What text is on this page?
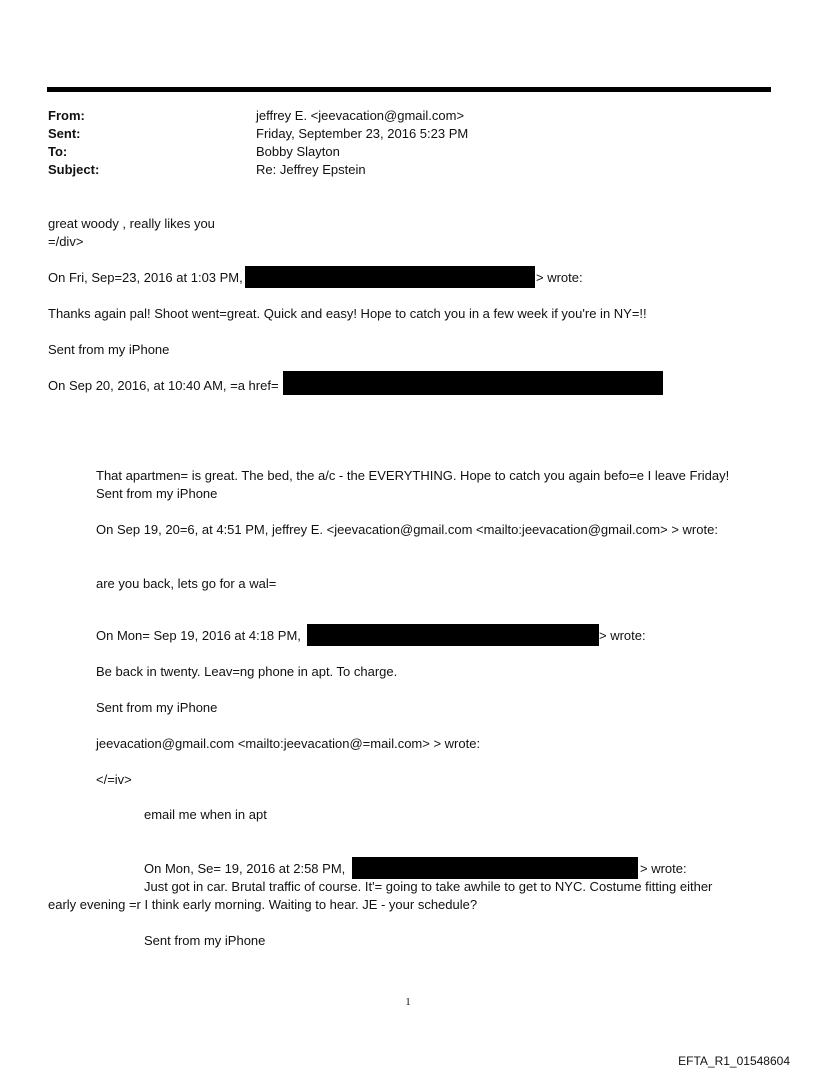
From:	jeffrey E. <jeevacation@gmail.com>
Sent:	Friday, September 23, 2016 5:23 PM
To:	Bobby Slayton
Subject:	Re: Jeffrey Epstein
great woody , really likes you
=/div>
On Fri, Sep=23, 2016 at 1:03 PM,	> wrote:
Thanks again pal! Shoot went=great. Quick and easy! Hope to catch you in a few week if you're in NY=!!
Sent from my iPhone
On Sep 20, 2016, at 10:40 AM, =a href=
That apartmen= is great. The bed, the a/c - the EVERYTHING. Hope to catch you again befo=e I leave Friday!
Sent from my iPhone
On Sep 19, 20=6, at 4:51 PM, jeffrey E. <jeevacation@gmail.com <mailto:jeevacation@gmail.com> > wrote:
are you back, lets go for a wal=
On Mon= Sep 19, 2016 at 4:18 PM,	> wrote:
Be back in twenty. Leav=ng phone in apt. To charge.
Sent from my iPhone
jeevacation@gmail.com <mailto:jeevacation@=mail.com> > wrote:
</=iv>
email me when in apt
On Mon, Se= 19, 2016 at 2:58 PM,	> wrote:
Just got in car. Brutal traffic of course. It'= going to take awhile to get to NYC. Costume fitting either
early evening =r I think early morning. Waiting to hear. JE - your schedule?
Sent from my iPhone
1
EFTA_R1_01548604
